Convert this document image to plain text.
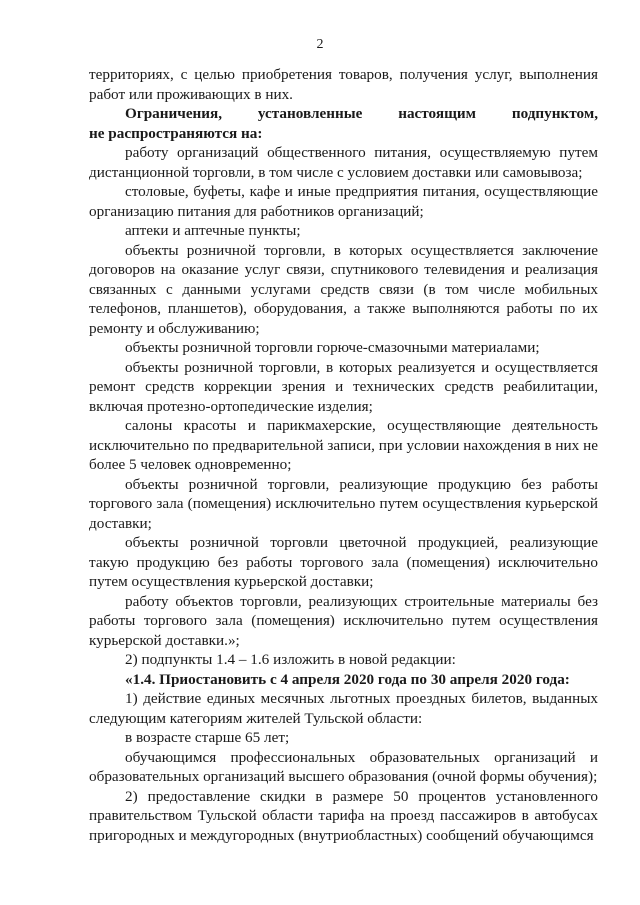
2

территориях, с целью приобретения товаров, получения услуг, выполнения работ или проживающих в них.

Ограничения, установленные настоящим подпунктом,

не распространяются на:

работу организаций общественного питания, осуществляемую путем дистанционной торговли, в том числе с условием доставки или самовывоза;

столовые, буфеты, кафе и иные предприятия питания, осуществляющие организацию питания для работников организаций;

аптеки и аптечные пункты;

объекты розничной торговли, в которых осуществляется заключение договоров на оказание услуг связи, спутникового телевидения и реализация связанных с данными услугами средств связи (в том числе мобильных телефонов, планшетов), оборудования, а также выполняются работы по их ремонту и обслуживанию;

объекты розничной торговли горюче-смазочными материалами;

объекты розничной торговли, в которых реализуется и осуществляется ремонт средств коррекции зрения и технических средств реабилитации, включая протезно-ортопедические изделия;

салоны красоты и парикмахерские, осуществляющие деятельность исключительно по предварительной записи, при условии нахождения в них не более 5 человек одновременно;

объекты розничной торговли, реализующие продукцию без работы торгового зала (помещения) исключительно путем осуществления курьерской доставки;

объекты розничной торговли цветочной продукцией, реализующие такую продукцию без работы торгового зала (помещения) исключительно путем осуществления курьерской доставки;

работу объектов торговли, реализующих строительные материалы без работы торгового зала (помещения) исключительно путем осуществления курьерской доставки.»;

2) подпункты 1.4 – 1.6 изложить в новой редакции:

«1.4. Приостановить с 4 апреля 2020 года по 30 апреля 2020 года:

1) действие единых месячных льготных проездных билетов, выданных следующим категориям жителей Тульской области:

в возрасте старше 65 лет;

обучающимся профессиональных образовательных организаций и образовательных организаций высшего образования (очной формы обучения);

2) предоставление скидки в размере 50 процентов установленного правительством Тульской области тарифа на проезд пассажиров в автобусах пригородных и междугородных (внутриобластных) сообщений обучающимся
